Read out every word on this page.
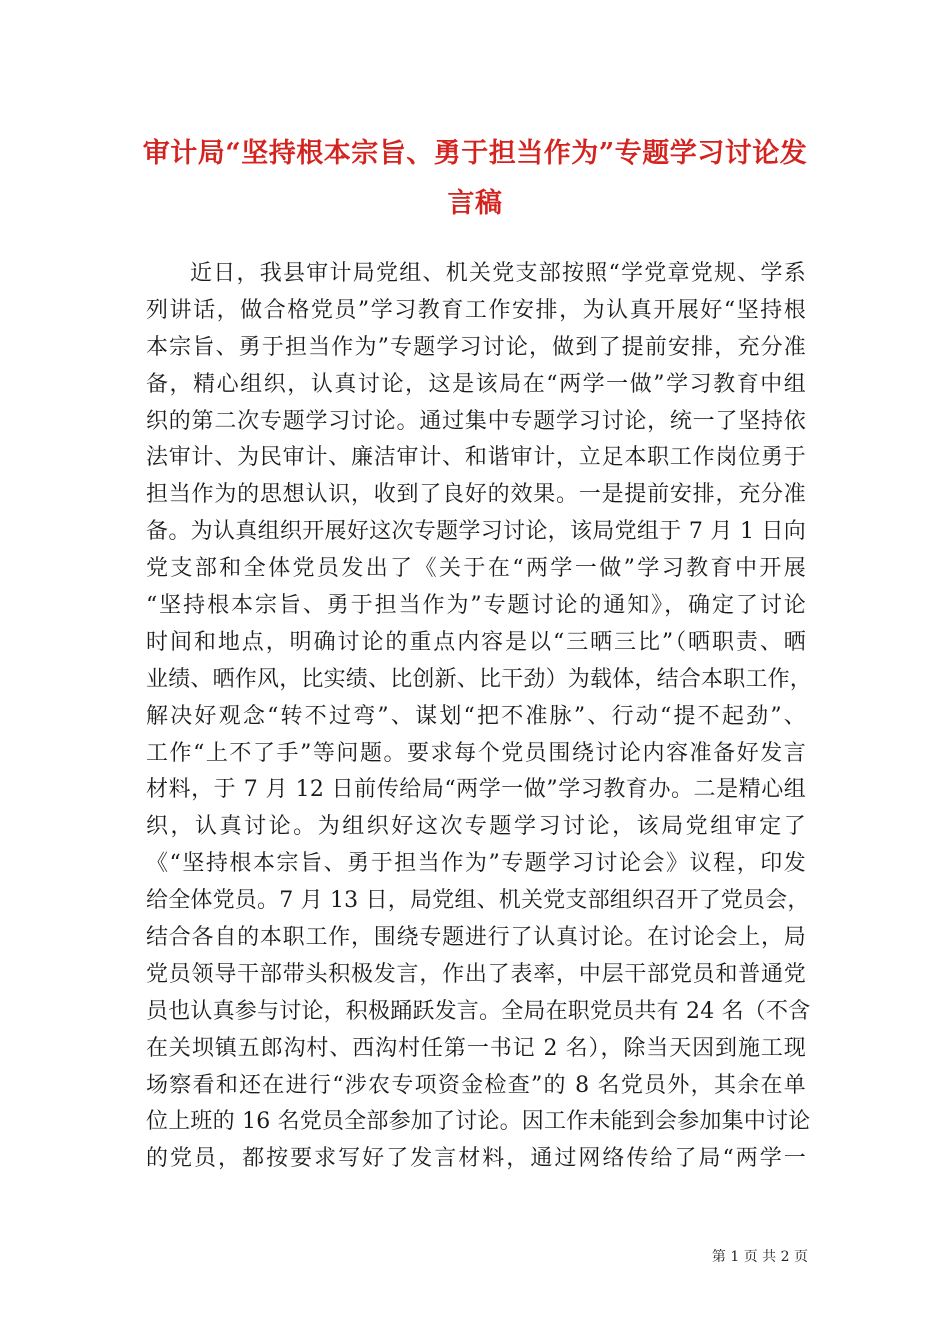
审计局“坚持根本宗旨、勇于担当作为”专题学习讨论发
言稿
近日，我县审计局党组、机关党支部按照“学党章党规、学系
列讲话，做合格党员”学习教育工作安排，为认真开展好“坚持根
本宗旨、勇于担当作为”专题学习讨论，做到了提前安排，充分准
备，精心组织，认真讨论，这是该局在“两学一做”学习教育中组
织的第二次专题学习讨论。通过集中专题学习讨论，统一了坚持依
法审计、为民审计、廉洁审计、和谐审计，立足本职工作岗位勇于
担当作为的思想认识，收到了良好的效果。一是提前安排，充分准
备。为认真组织开展好这次专题学习讨论，该局党组于 7 月 1 日向
党支部和全体党员发出了《关于在“两学一做”学习教育中开展
“坚持根本宗旨、勇于担当作为”专题讨论的通知》，确定了讨论
时间和地点，明确讨论的重点内容是以“三晒三比”（晒职责、晒
业绩、晒作风，比实绩、比创新、比干劲）为载体，结合本职工作，
解决好观念“转不过弯”、谋划“把不准脉”、行动“提不起劲”、
工作“上不了手”等问题。要求每个党员围绕讨论内容准备好发言
材料，于 7 月 12 日前传给局“两学一做”学习教育办。二是精心组
织，认真讨论。为组织好这次专题学习讨论，该局党组审定了
《“坚持根本宗旨、勇于担当作为”专题学习讨论会》议程，印发
给全体党员。7 月 13 日，局党组、机关党支部组织召开了党员会，
结合各自的本职工作，围绕专题进行了认真讨论。在讨论会上，局
党员领导干部带头积极发言，作出了表率，中层干部党员和普通党
员也认真参与讨论，积极踊跃发言。全局在职党员共有 24 名（不含
在关坝镇五郎沟村、西沟村任第一书记 2 名），除当天因到施工现
场察看和还在进行“涉农专项资金检查”的 8 名党员外，其余在单
位上班的 16 名党员全部参加了讨论。因工作未能到会参加集中讨论
的党员，都按要求写好了发言材料，通过网络传给了局“两学一
第 1 页 共 2 页
